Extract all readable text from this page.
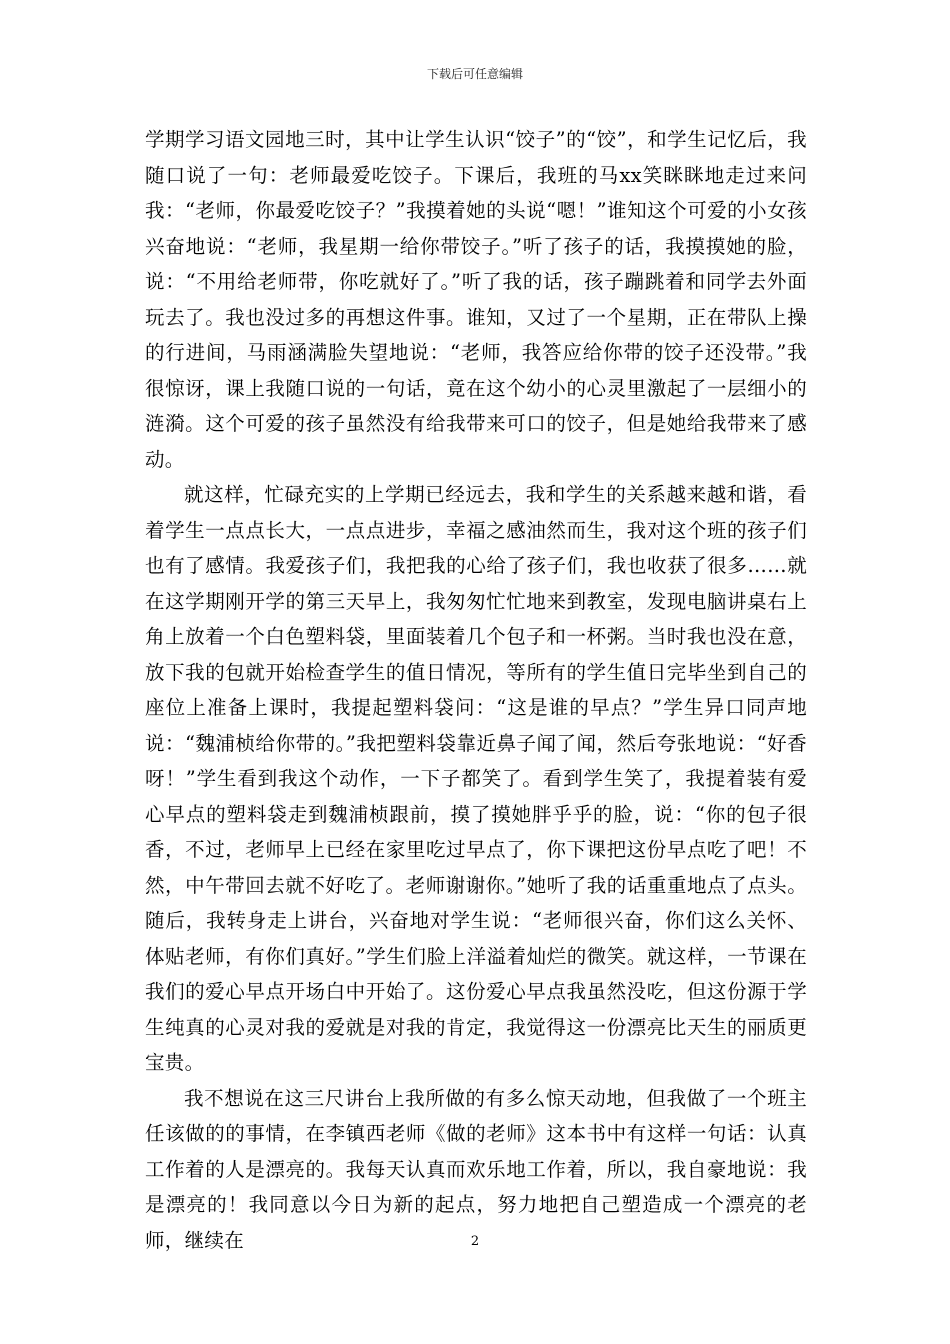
下载后可任意编辑

学期学习语文园地三时，其中让学生认识“饺子”的“饺”，和学生记忆后，我随口说了一句：老师最爱吃饺子。下课后，我班的马xx笑眯眯地走过来问我：“老师，你最爱吃饺子？”我摸着她的头说“嗯！”谁知这个可爱的小女孩兴奋地说：“老师，我星期一给你带饺子。”听了孩子的话，我摸摸她的脸，说：“不用给老师带，你吃就好了。”听了我的话，孩子蹦跳着和同学去外面玩去了。我也没过多的再想这件事。谁知，又过了一个星期，正在带队上操的行进间，马雨涵满脸失望地说：“老师，我答应给你带的饺子还没带。”我很惊讶，课上我随口说的一句话，竟在这个幼小的心灵里激起了一层细小的涟漪。这个可爱的孩子虽然没有给我带来可口的饺子，但是她给我带来了感动。

就这样，忙碌充实的上学期已经远去，我和学生的关系越来越和谐，看着学生一点点长大，一点点进步，幸福之感油然而生，我对这个班的孩子们也有了感情。我爱孩子们，我把我的心给了孩子们，我也收获了很多……就在这学期刚开学的第三天早上，我匆匆忙忙地来到教室，发现电脑讲桌右上角上放着一个白色塑料袋，里面装着几个包子和一杯粥。当时我也没在意，放下我的包就开始检查学生的值日情况，等所有的学生值日完毕坐到自己的座位上准备上课时，我提起塑料袋问：“这是谁的早点？”学生异口同声地说：“魏浦桢给你带的。”我把塑料袋靠近鼻子闻了闻，然后夸张地说：“好香呀！”学生看到我这个动作，一下子都笑了。看到学生笑了，我提着装有爱心早点的塑料袋走到魏浦桢跟前，摸了摸她胖乎乎的脸，说：“你的包子很香，不过，老师早上已经在家里吃过早点了，你下课把这份早点吃了吧！不然，中午带回去就不好吃了。老师谢谢你。”她听了我的话重重地点了点头。随后，我转身走上讲台，兴奋地对学生说：“老师很兴奋，你们这么关怀、体贴老师，有你们真好。”学生们脸上洋溢着灿烂的微笑。就这样，一节课在我们的爱心早点开场白中开始了。这份爱心早点我虽然没吃，但这份源于学生纯真的心灵对我的爱就是对我的肯定，我觉得这一份漂亮比天生的丽质更宝贵。

我不想说在这三尺讲台上我所做的有多么惊天动地，但我做了一个班主任该做的的事情，在李镇西老师《做的老师》这本书中有这样一句话：认真工作着的人是漂亮的。我每天认真而欢乐地工作着，所以，我自豪地说：我是漂亮的！我同意以今日为新的起点，努力地把自己塑造成一个漂亮的老师，继续在	2
